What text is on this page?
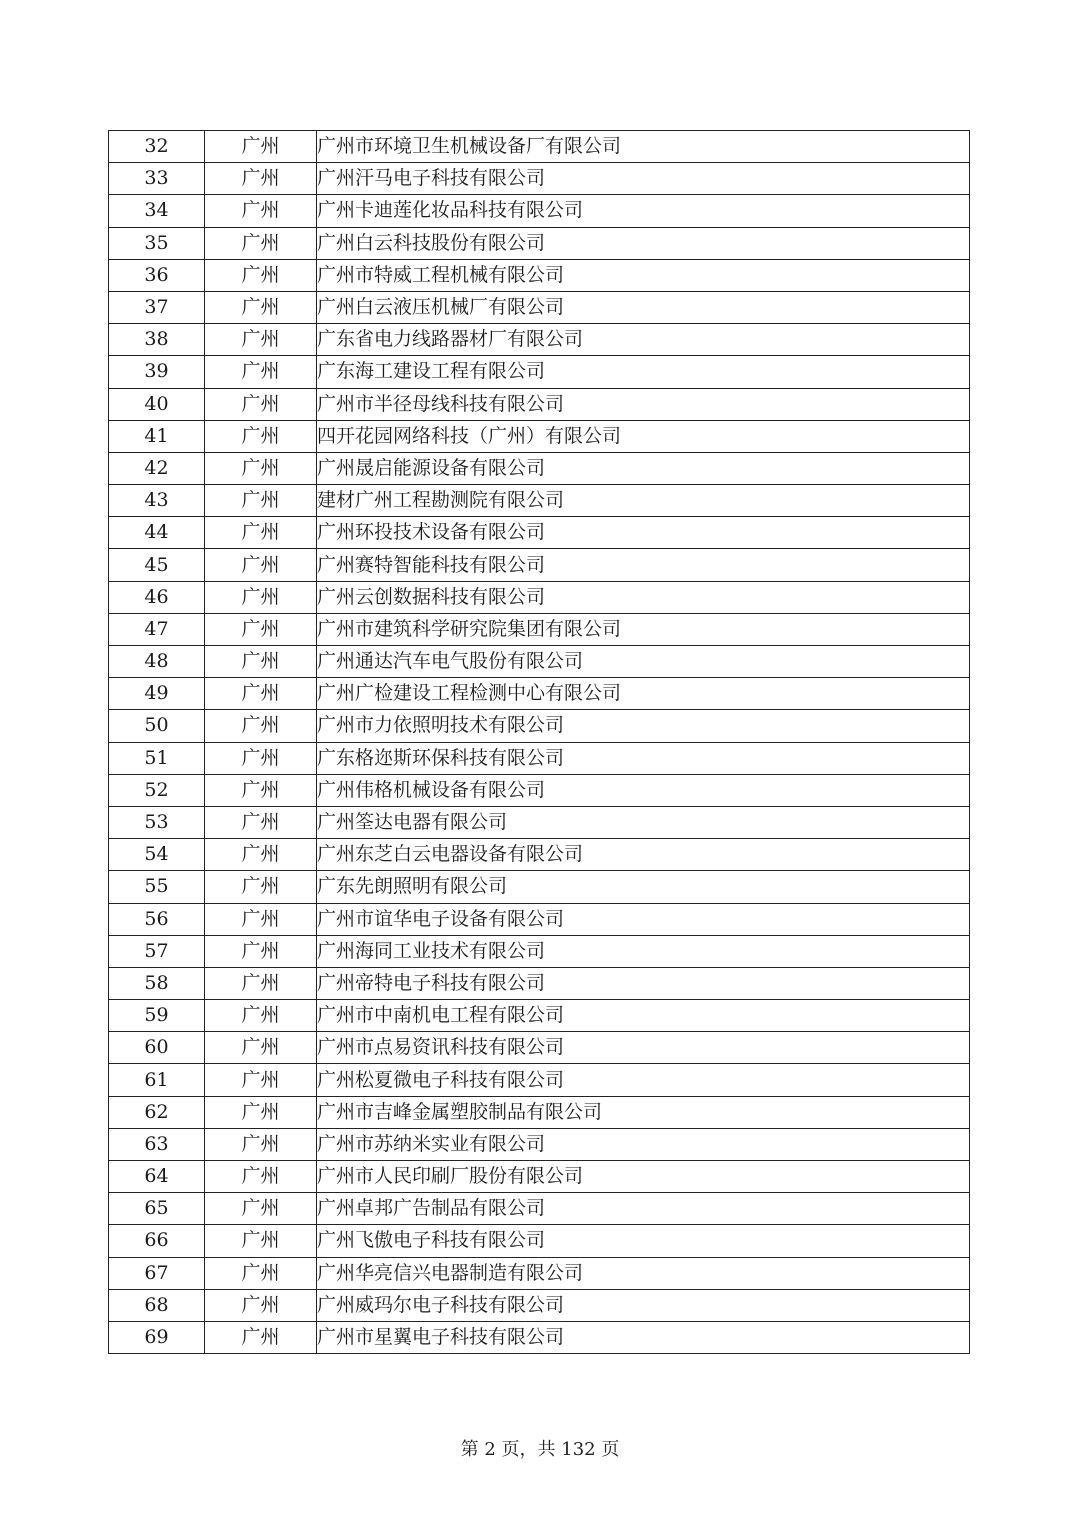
32	广州	广州市环境卫生机械设备厂有限公司
33	广州	广州汗马电子科技有限公司
34	广州	广州卡迪莲化妆品科技有限公司
35	广州	广州白云科技股份有限公司
36	广州	广州市特威工程机械有限公司
37	广州	广州白云液压机械厂有限公司
38	广州	广东省电力线路器材厂有限公司
39	广州	广东海工建设工程有限公司
40	广州	广州市半径母线科技有限公司
41	广州	四开花园网络科技（广州）有限公司
42	广州	广州晟启能源设备有限公司
43	广州	建材广州工程勘测院有限公司
44	广州	广州环投技术设备有限公司
45	广州	广州赛特智能科技有限公司
46	广州	广州云创数据科技有限公司
47	广州	广州市建筑科学研究院集团有限公司
48	广州	广州通达汽车电气股份有限公司
49	广州	广州广检建设工程检测中心有限公司
50	广州	广州市力依照明技术有限公司
51	广州	广东格迩斯环保科技有限公司
52	广州	广州伟格机械设备有限公司
53	广州	广州筌达电器有限公司
54	广州	广州东芝白云电器设备有限公司
55	广州	广东先朗照明有限公司
56	广州	广州市谊华电子设备有限公司
57	广州	广州海同工业技术有限公司
58	广州	广州帝特电子科技有限公司
59	广州	广州市中南机电工程有限公司
60	广州	广州市点易资讯科技有限公司
61	广州	广州松夏微电子科技有限公司
62	广州	广州市吉峰金属塑胶制品有限公司
63	广州	广州市苏纳米实业有限公司
64	广州	广州市人民印刷厂股份有限公司
65	广州	广州卓邦广告制品有限公司
66	广州	广州飞傲电子科技有限公司
67	广州	广州华亮信兴电器制造有限公司
68	广州	广州威玛尔电子科技有限公司
69	广州	广州市星翼电子科技有限公司
第 2 页，共 132 页
